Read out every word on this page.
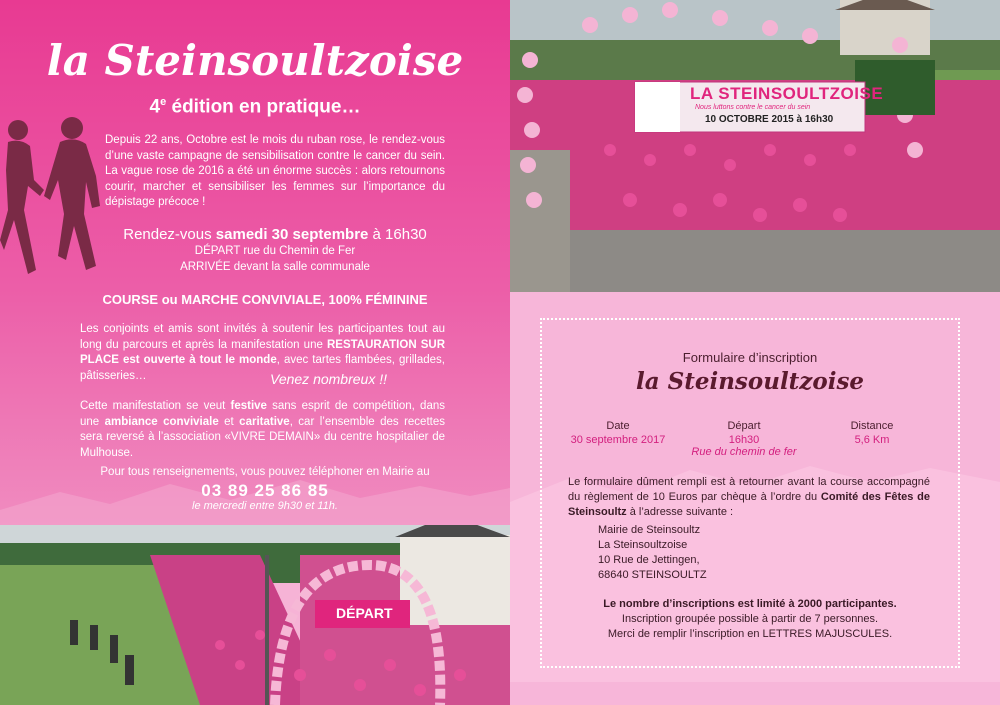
la Steinsoultzoise
4e édition en pratique…
Depuis 22 ans, Octobre est le mois du ruban rose, le rendez-vous d’une vaste campagne de sensibilisation contre le cancer du sein. La vague rose de 2016 a été un énorme succès : alors retournons courir, marcher et sensibiliser les femmes sur l’importance du dépistage précoce !
Rendez-vous samedi 30 septembre à 16h30
DÉPART rue du Chemin de Fer
ARRIVÉE devant la salle communale
COURSE ou MARCHE CONVIVIALE, 100% FÉMININE
Les conjoints et amis sont invités à soutenir les participantes tout au long du parcours et après la manifestation une RESTAURATION SUR PLACE est ouverte à tout le monde, avec tartes flambées, grillades, pâtisseries…	Venez nombreux !!
Cette manifestation se veut festive sans esprit de compétition, dans une ambiance conviviale et caritative, car l’ensemble des recettes sera reversé à l’association «VIVRE DEMAIN» du centre hospitalier de Mulhouse.
Pour tous renseignements, vous pouvez téléphoner en Mairie au
03 89 25 86 85
le mercredi entre 9h30 et 11h.
LA STEINSOULTZOISE
Nous luttons contre le cancer du sein
10 OCTOBRE 2015 à 16h30
DÉPART
Formulaire d’inscription
la Steinsoultzoise
Date
30 septembre 2017
Départ
16h30
Rue du chemin de fer
Distance
5,6 Km
Le formulaire dûment rempli est à retourner avant la course accompagné du règlement de 10 Euros par chèque à l’ordre du Comité des Fêtes de Steinsoultz à l’adresse suivante :
Mairie de Steinsoultz
La Steinsoultzoise
10 Rue de Jettingen,
68640 STEINSOULTZ
Le nombre d’inscriptions est limité à 2000 participantes.
Inscription groupée possible à partir de 7 personnes.
Merci de remplir l’inscription en LETTRES MAJUSCULES.
